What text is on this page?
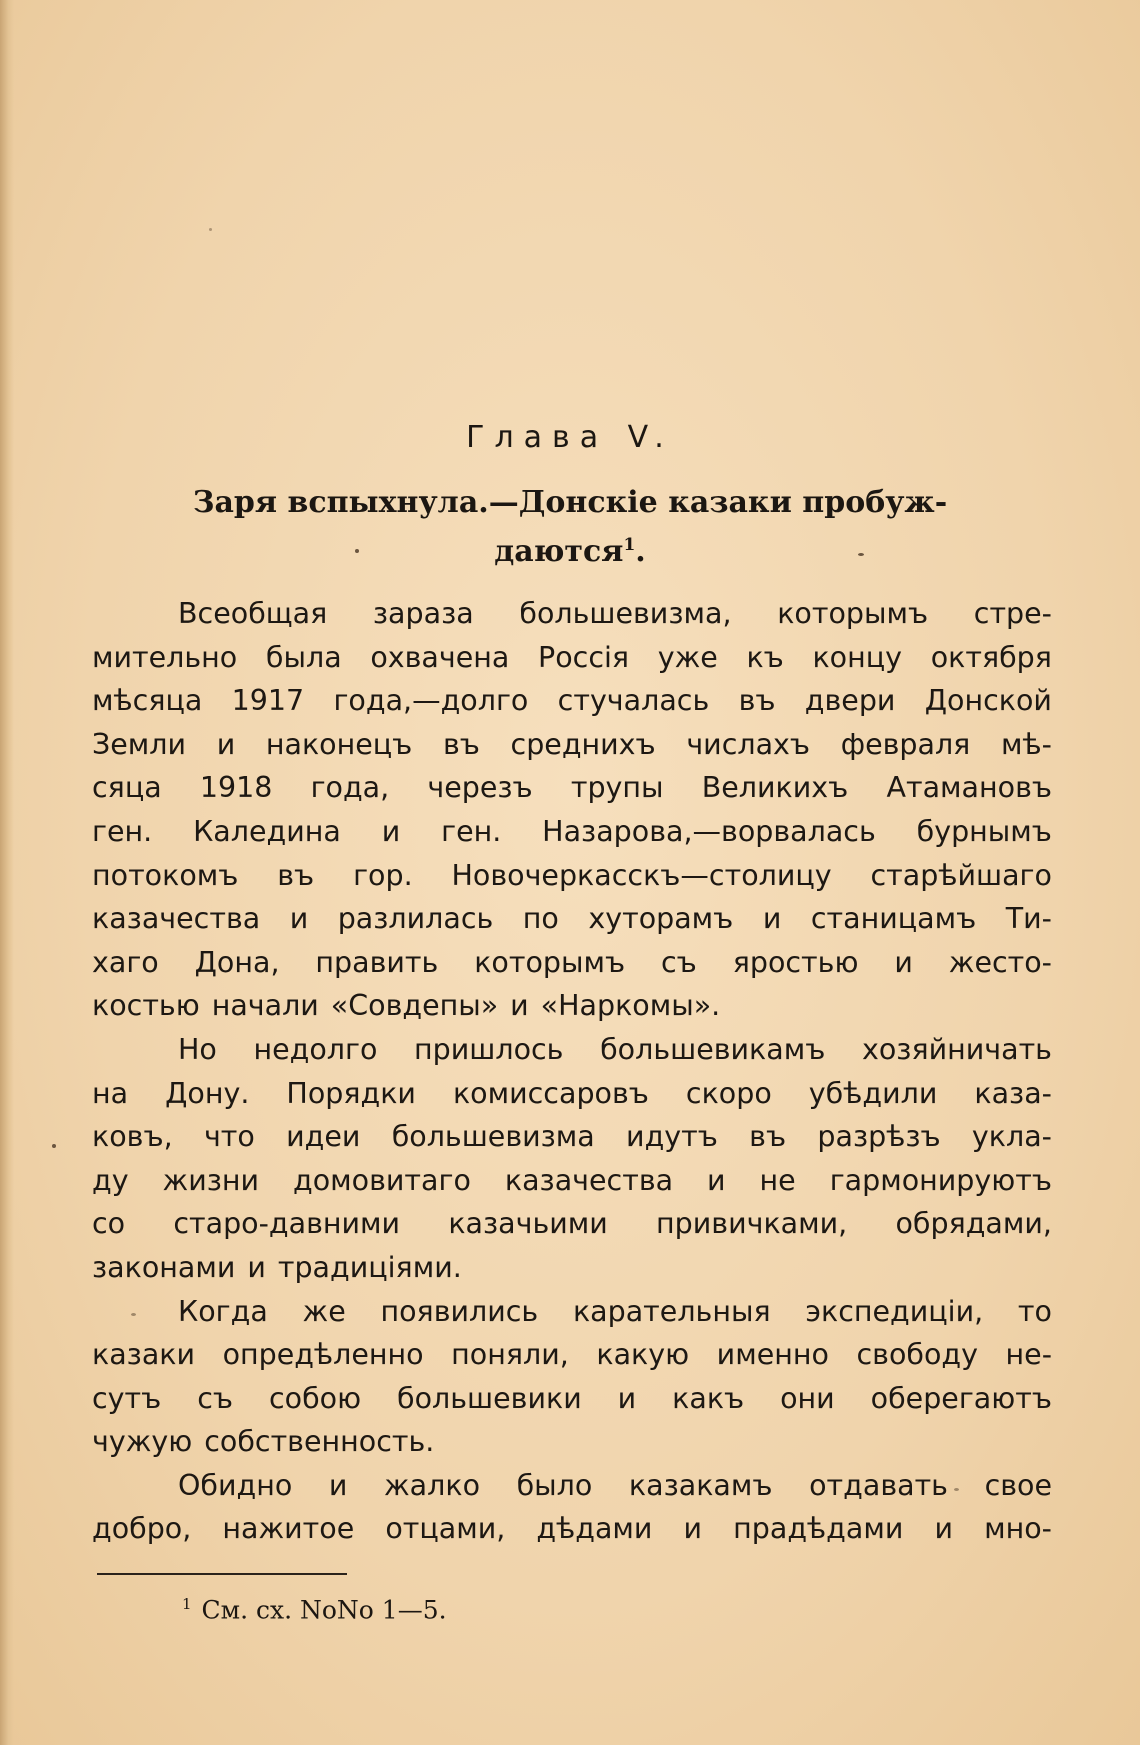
Глава V.
Заря вспыхнула.—Донскіе казаки пробуж-
даются$^1$.
Всеобщая зараза большевизма, которымъ стре-
мительно была охвачена Россія уже къ концу октября
мѣсяца 1917 года,—долго стучалась въ двери Донской
Земли и наконецъ въ среднихъ числахъ февраля мѣ-
сяца 1918 года, черезъ трупы Великихъ Атамановъ
ген. Каледина и ген. Назарова,—ворвалась бурнымъ
потокомъ въ гор. Новочеркасскъ—столицу старѣйшаго
казачества и разлилась по хуторамъ и станицамъ Ти-
хаго Дона, править которымъ съ яростью и жесто-
костью начали «Совдепы» и «Наркомы».
Но недолго пришлось большевикамъ хозяйничать
на Дону. Порядки комиссаровъ скоро убѣдили каза-
ковъ, что идеи большевизма идутъ въ разрѣзъ укла-
ду жизни домовитаго казачества и не гармонируютъ
со старо-давними казачьими привичками, обрядами,
законами и традиціями.
Когда же появились карательныя экспедиціи, то
казаки опредѣленно поняли, какую именно свободу не-
сутъ съ собою большевики и какъ они оберегаютъ
чужую собственность.
Обидно и жалко было казакамъ отдавать свое
добро, нажитое отцами, дѣдами и прадѣдами и мно-
$^1$ См. сх. NoNo 1—5.
